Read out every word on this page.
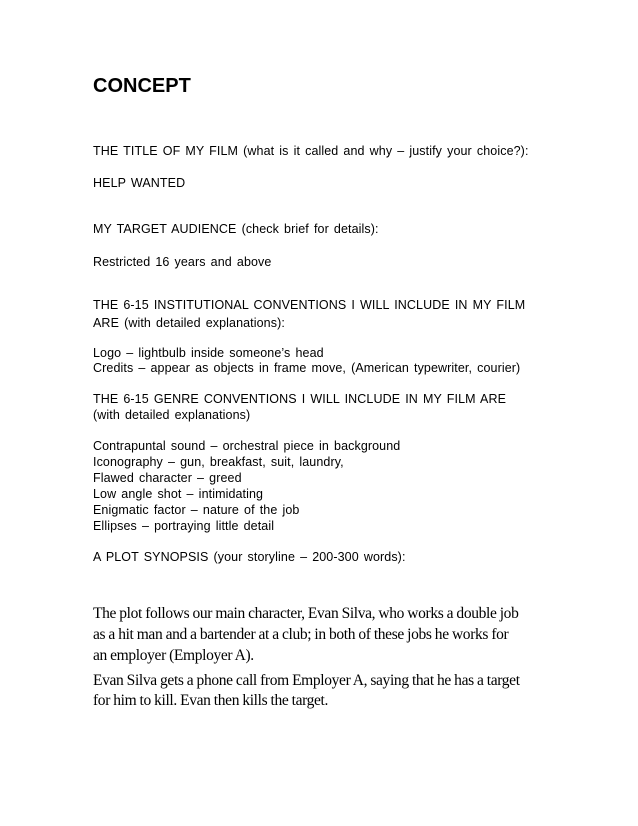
CONCEPT
THE TITLE OF MY FILM (what is it called and why – justify your choice?):
HELP WANTED
MY TARGET AUDIENCE (check brief for details):
Restricted 16 years and above
THE 6-15 INSTITUTIONAL CONVENTIONS I WILL INCLUDE IN MY FILM
ARE (with detailed explanations):
Logo – lightbulb inside someone’s head
Credits – appear as objects in frame move, (American typewriter, courier)
THE 6-15 GENRE CONVENTIONS I WILL INCLUDE IN MY FILM ARE
(with detailed explanations)
Contrapuntal sound – orchestral piece in background
Iconography – gun, breakfast, suit, laundry,
Flawed character – greed
Low angle shot – intimidating
Enigmatic factor – nature of the job
Ellipses – portraying little detail
A PLOT SYNOPSIS (your storyline – 200-300 words):
The plot follows our main character, Evan Silva, who works a double job
as a hit man and a bartender at a club; in both of these jobs he works for
an employer (Employer A).
Evan Silva gets a phone call from Employer A, saying that he has a target
for him to kill. Evan then kills the target.
